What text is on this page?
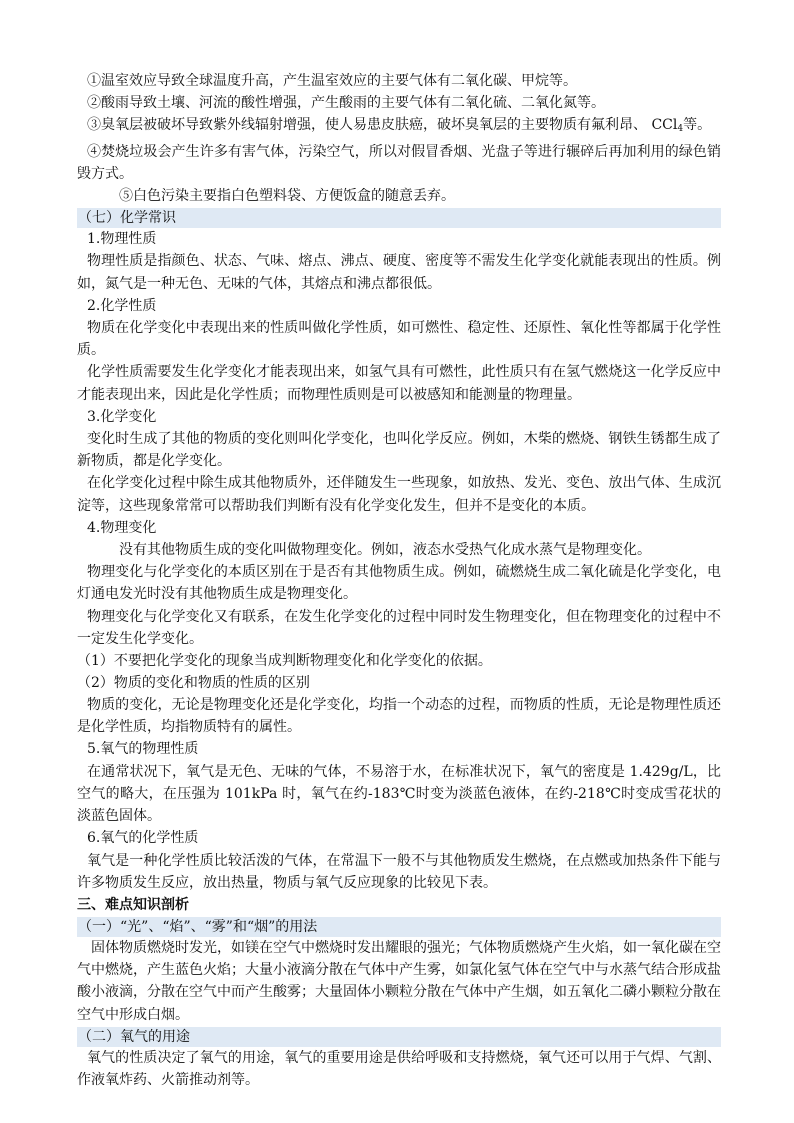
①温室效应导致全球温度升高，产生温室效应的主要气体有二氧化碳、甲烷等。

②酸雨导致土壤、河流的酸性增强，产生酸雨的主要气体有二氧化硫、二氧化氮等。

③臭氧层被破坏导致紫外线辐射增强，使人易患皮肤癌，破坏臭氧层的主要物质有氟利昂、 CCl$_4$等。

④焚烧垃圾会产生许多有害气体，污染空气，所以对假冒香烟、光盘子等进行辗碎后再加利用的绿色销毁方式。

⑤白色污染主要指白色塑料袋、方便饭盒的随意丢弃。

（七）化学常识

1.物理性质

物理性质是指颜色、状态、气味、熔点、沸点、硬度、密度等不需发生化学变化就能表现出的性质。例如，氮气是一种无色、无味的气体，其熔点和沸点都很低。

2.化学性质

物质在化学变化中表现出来的性质叫做化学性质，如可燃性、稳定性、还原性、氧化性等都属于化学性质。

化学性质需要发生化学变化才能表现出来，如氢气具有可燃性，此性质只有在氢气燃烧这一化学反应中才能表现出来，因此是化学性质；而物理性质则是可以被感知和能测量的物理量。

3.化学变化

变化时生成了其他的物质的变化则叫化学变化，也叫化学反应。例如，木柴的燃烧、钢铁生锈都生成了新物质，都是化学变化。

在化学变化过程中除生成其他物质外，还伴随发生一些现象，如放热、发光、变色、放出气体、生成沉淀等，这些现象常常可以帮助我们判断有没有化学变化发生，但并不是变化的本质。

4.物理变化

没有其他物质生成的变化叫做物理变化。例如，液态水受热气化成水蒸气是物理变化。

物理变化与化学变化的本质区别在于是否有其他物质生成。例如，硫燃烧生成二氧化硫是化学变化，电灯通电发光时没有其他物质生成是物理变化。

物理变化与化学变化又有联系，在发生化学变化的过程中同时发生物理变化，但在物理变化的过程中不一定发生化学变化。

（1）不要把化学变化的现象当成判断物理变化和化学变化的依据。

（2）物质的变化和物质的性质的区别

物质的变化，无论是物理变化还是化学变化，均指一个动态的过程，而物质的性质，无论是物理性质还是化学性质，均指物质特有的属性。

5.氧气的物理性质

在通常状况下，氧气是无色、无味的气体，不易溶于水，在标准状况下，氧气的密度是 1.429g/L，比空气的略大，在压强为 101kPa 时，氧气在约-183℃时变为淡蓝色液体，在约-218℃时变成雪花状的淡蓝色固体。

6.氧气的化学性质

氧气是一种化学性质比较活泼的气体，在常温下一般不与其他物质发生燃烧，在点燃或加热条件下能与许多物质发生反应，放出热量，物质与氧气反应现象的比较见下表。

三、难点知识剖析

（一）“光”、“焰”、“雾”和“烟”的用法

固体物质燃烧时发光，如镁在空气中燃烧时发出耀眼的强光；气体物质燃烧产生火焰，如一氧化碳在空气中燃烧，产生蓝色火焰；大量小液滴分散在气体中产生雾，如氯化氢气体在空气中与水蒸气结合形成盐酸小液滴，分散在空气中而产生酸雾；大量固体小颗粒分散在气体中产生烟，如五氧化二磷小颗粒分散在空气中形成白烟。

（二）氧气的用途

氧气的性质决定了氧气的用途，氧气的重要用途是供给呼吸和支持燃烧，氧气还可以用于气焊、气割、作液氧炸药、火箭推动剂等。
